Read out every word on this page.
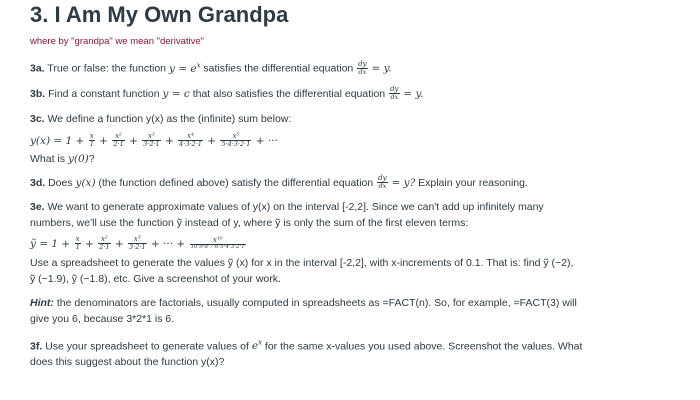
3. I Am My Own Grandpa

where by "grandpa" we mean "derivative"

3a. True or false: the function $y = e^x$ satisfies the differential equation $\frac{dy}{dx} = y$.

3b. Find a constant function y = c that also satisfies the differential equation $\frac{dy}{dx} = y$.

3c. We define a function y(x) as the (infinite) sum below:

$y(x) = 1 + \frac{x}{1} + \frac{\text{x²}}{2\cdot 1} + \frac{\text{x³}}{3\cdot 2\cdot 1} + \frac{\text{x⁴}}{4\cdot 3\cdot 2\cdot 1} + \frac{\text{x⁵}}{5\cdot 4\cdot 3\cdot 2\cdot 1}$ + ···

What is y(0)?

3d. Does y(x) (the function defined above) satisfy the differential equation $\frac{dy}{dx} = y$? Explain your reasoning.

3e. We want to generate approximate values of y(x) on the interval [-2,2]. Since we can't add up infinitely many

numbers, we'll use the function ỹ instead of y, where ỹ is only the sum of the first eleven terms:

ỹ = $1 + \frac{x}{1} + \frac{\text{x²}}{2\cdot 1} + \frac{\text{x³}}{3\cdot 2\cdot 1}$ + ··· + $\frac{\text{x¹⁰}}{10\cdot 9\cdot 8\cdot 7\cdot 6\cdot 5\cdot 4\cdot 3\cdot 2\cdot 1}$

Use a spreadsheet to generate the values ỹ (x) for x in the interval [-2,2], with x-increments of 0.1. That is: find ỹ (−2),

ỹ (−1.9), ỹ (−1.8), etc. Give a screenshot of your work.

Hint: the denominators are factorials, usually computed in spreadsheets as =FACT(n). So, for example, =FACT(3) will

give you 6, because 3*2*1 is 6.

3f. Use your spreadsheet to generate values of $e^x$ for the same x-values you used above. Screenshot the values. What

does this suggest about the function y(x)?
